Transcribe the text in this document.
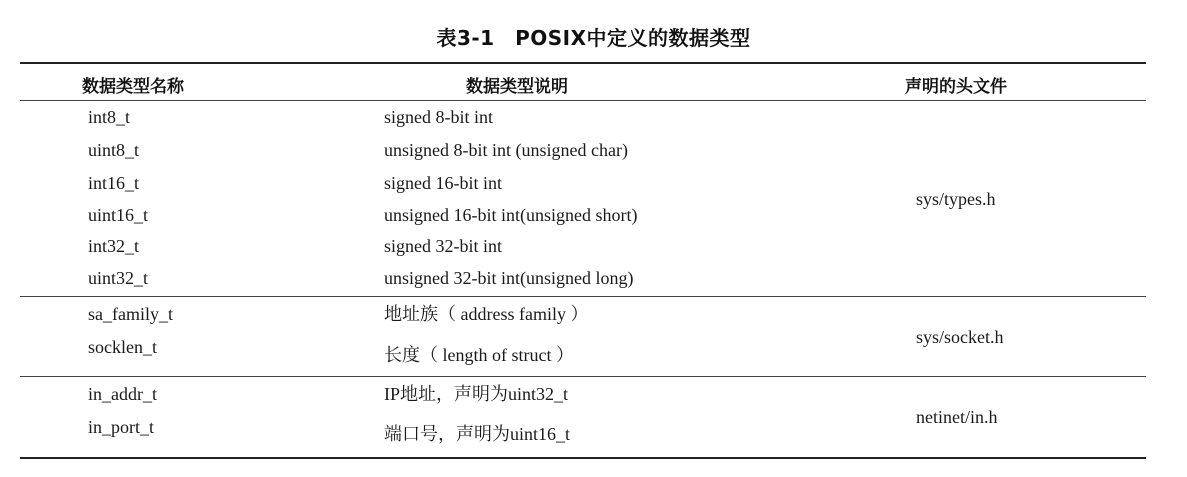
表3-1　POSIX中定义的数据类型
数据类型名称	数据类型说明	声明的头文件
int8_t	signed 8-bit int
uint8_t	unsigned 8-bit int (unsigned char)
int16_t	signed 16-bit int
uint16_t	unsigned 16-bit int(unsigned short)
int32_t	signed 32-bit int
uint32_t	unsigned 32-bit int(unsigned long)
sys/types.h
sa_family_t	地址族（ address family ）
socklen_t	长度（ length of struct ）
sys/socket.h
in_addr_t	IP地址，声明为uint32_t
in_port_t	端口号，声明为uint16_t
netinet/in.h
